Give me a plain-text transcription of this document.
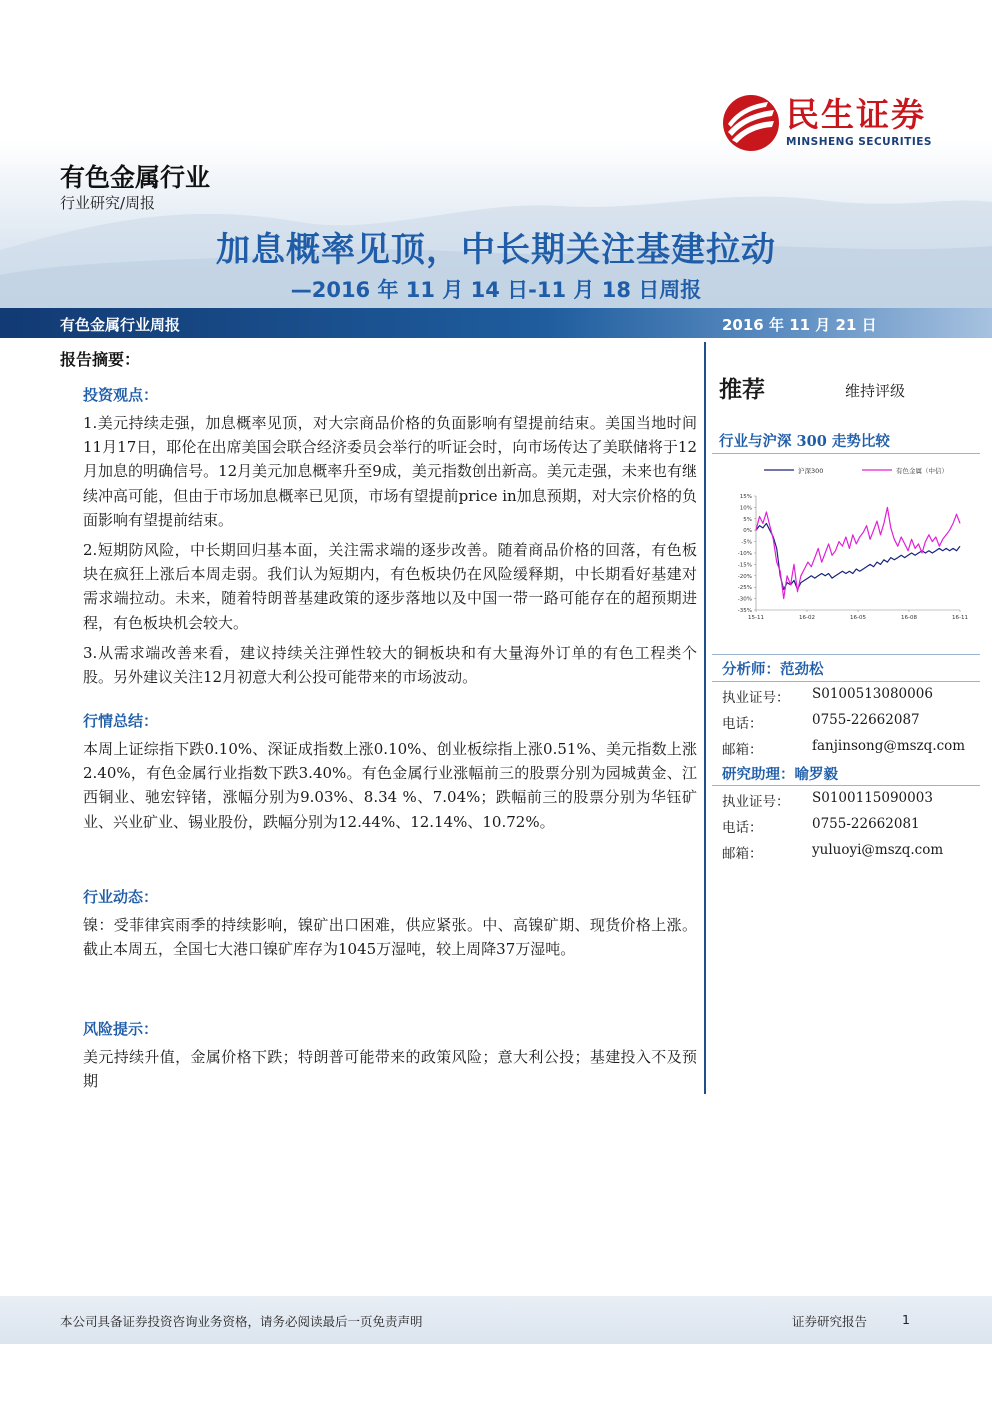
民生证券
MINSHENG SECURITIES
有色金属行业
行业研究/周报
加息概率见顶，中长期关注基建拉动
—2016 年 11 月 14 日-11 月 18 日周报
有色金属行业周报	2016 年 11 月 21 日
报告摘要：
投资观点：

1.美元持续走强，加息概率见顶，对大宗商品价格的负面影响有望提前结束。美国当地时间11月17日，耶伦在出席美国会联合经济委员会举行的听证会时，向市场传达了美联储将于12月加息的明确信号。12月美元加息概率升至9成，美元指数创出新高。美元走强，未来也有继续冲高可能，但由于市场加息概率已见顶，市场有望提前price in加息预期，对大宗价格的负面影响有望提前结束。

2.短期防风险，中长期回归基本面，关注需求端的逐步改善。随着商品价格的回落，有色板块在疯狂上涨后本周走弱。我们认为短期内，有色板块仍在风险缓释期，中长期看好基建对需求端拉动。未来，随着特朗普基建政策的逐步落地以及中国一带一路可能存在的超预期进程，有色板块机会较大。

3.从需求端改善来看，建议持续关注弹性较大的铜板块和有大量海外订单的有色工程类个股。另外建议关注12月初意大利公投可能带来的市场波动。

行情总结：

本周上证综指下跌0.10%、深证成指数上涨0.10%、创业板综指上涨0.51%、美元指数上涨2.40%，有色金属行业指数下跌3.40%。有色金属行业涨幅前三的股票分别为园城黄金、江西铜业、驰宏锌锗，涨幅分别为9.03%、8.34 %、7.04%；跌幅前三的股票分别为华钰矿业、兴业矿业、锡业股份，跌幅分别为12.44%、12.14%、10.72%。

行业动态：

镍：受菲律宾雨季的持续影响，镍矿出口困难，供应紧张。中、高镍矿期、现货价格上涨。截止本周五，全国七大港口镍矿库存为1045万湿吨，较上周降37万湿吨。

风险提示：

美元持续升值，金属价格下跌；特朗普可能带来的政策风险；意大利公投；基建投入不及预期

推荐	维持评级
行业与沪深 300 走势比较
沪深300	有色金属（中信）
15%
10%
5%
0%
-5%
-10%
-15%
-20%
-25%
-30%
-35%
15-11	16-02	16-05	16-08	16-11
分析师：范劲松
执业证号： S0100513080006
电话：	0755-22662087
邮箱：	fanjinsong@mszq.com
研究助理：喻罗毅
执业证号： S0100115090003
电话：	0755-22662081
邮箱：	yuluoyi@mszq.com
本公司具备证券投资咨询业务资格，请务必阅读最后一页免责声明	证券研究报告	1
